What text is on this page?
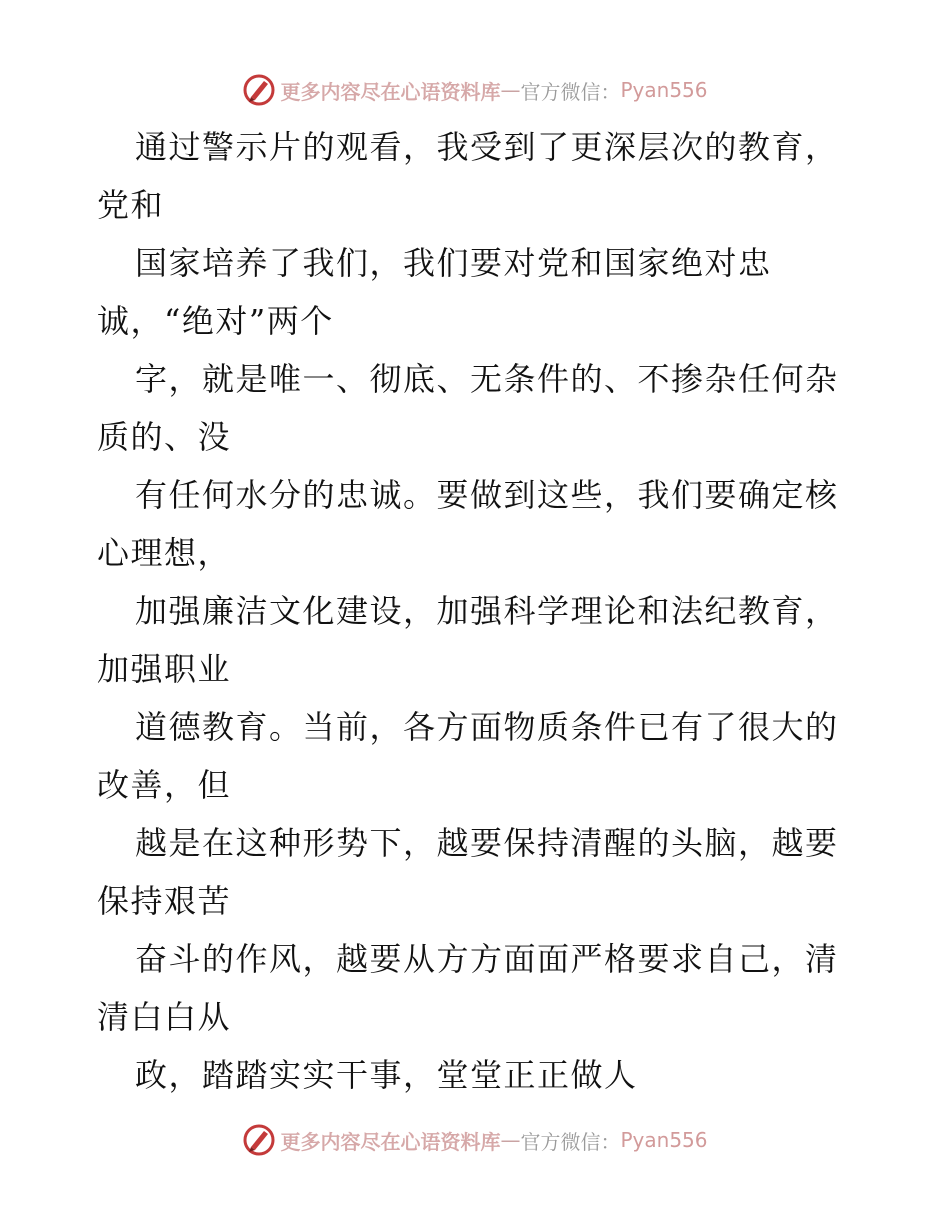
更多内容尽在心语资料库 — 官方微信： Pyan556
通过警示片的观看，我受到了更深层次的教育，
党和
国家培养了我们，我们要对党和国家绝对忠
诚，“绝对”两个
字，就是唯一、彻底、无条件的、不掺杂任何杂
质的、没
有任何水分的忠诚。要做到这些，我们要确定核
心理想，
加强廉洁文化建设，加强科学理论和法纪教育，
加强职业
道德教育。当前，各方面物质条件已有了很大的
改善，但
越是在这种形势下，越要保持清醒的头脑，越要
保持艰苦
奋斗的作风，越要从方方面面严格要求自己，清
清白白从
政，踏踏实实干事，堂堂正正做人
更多内容尽在心语资料库 — 官方微信： Pyan556
